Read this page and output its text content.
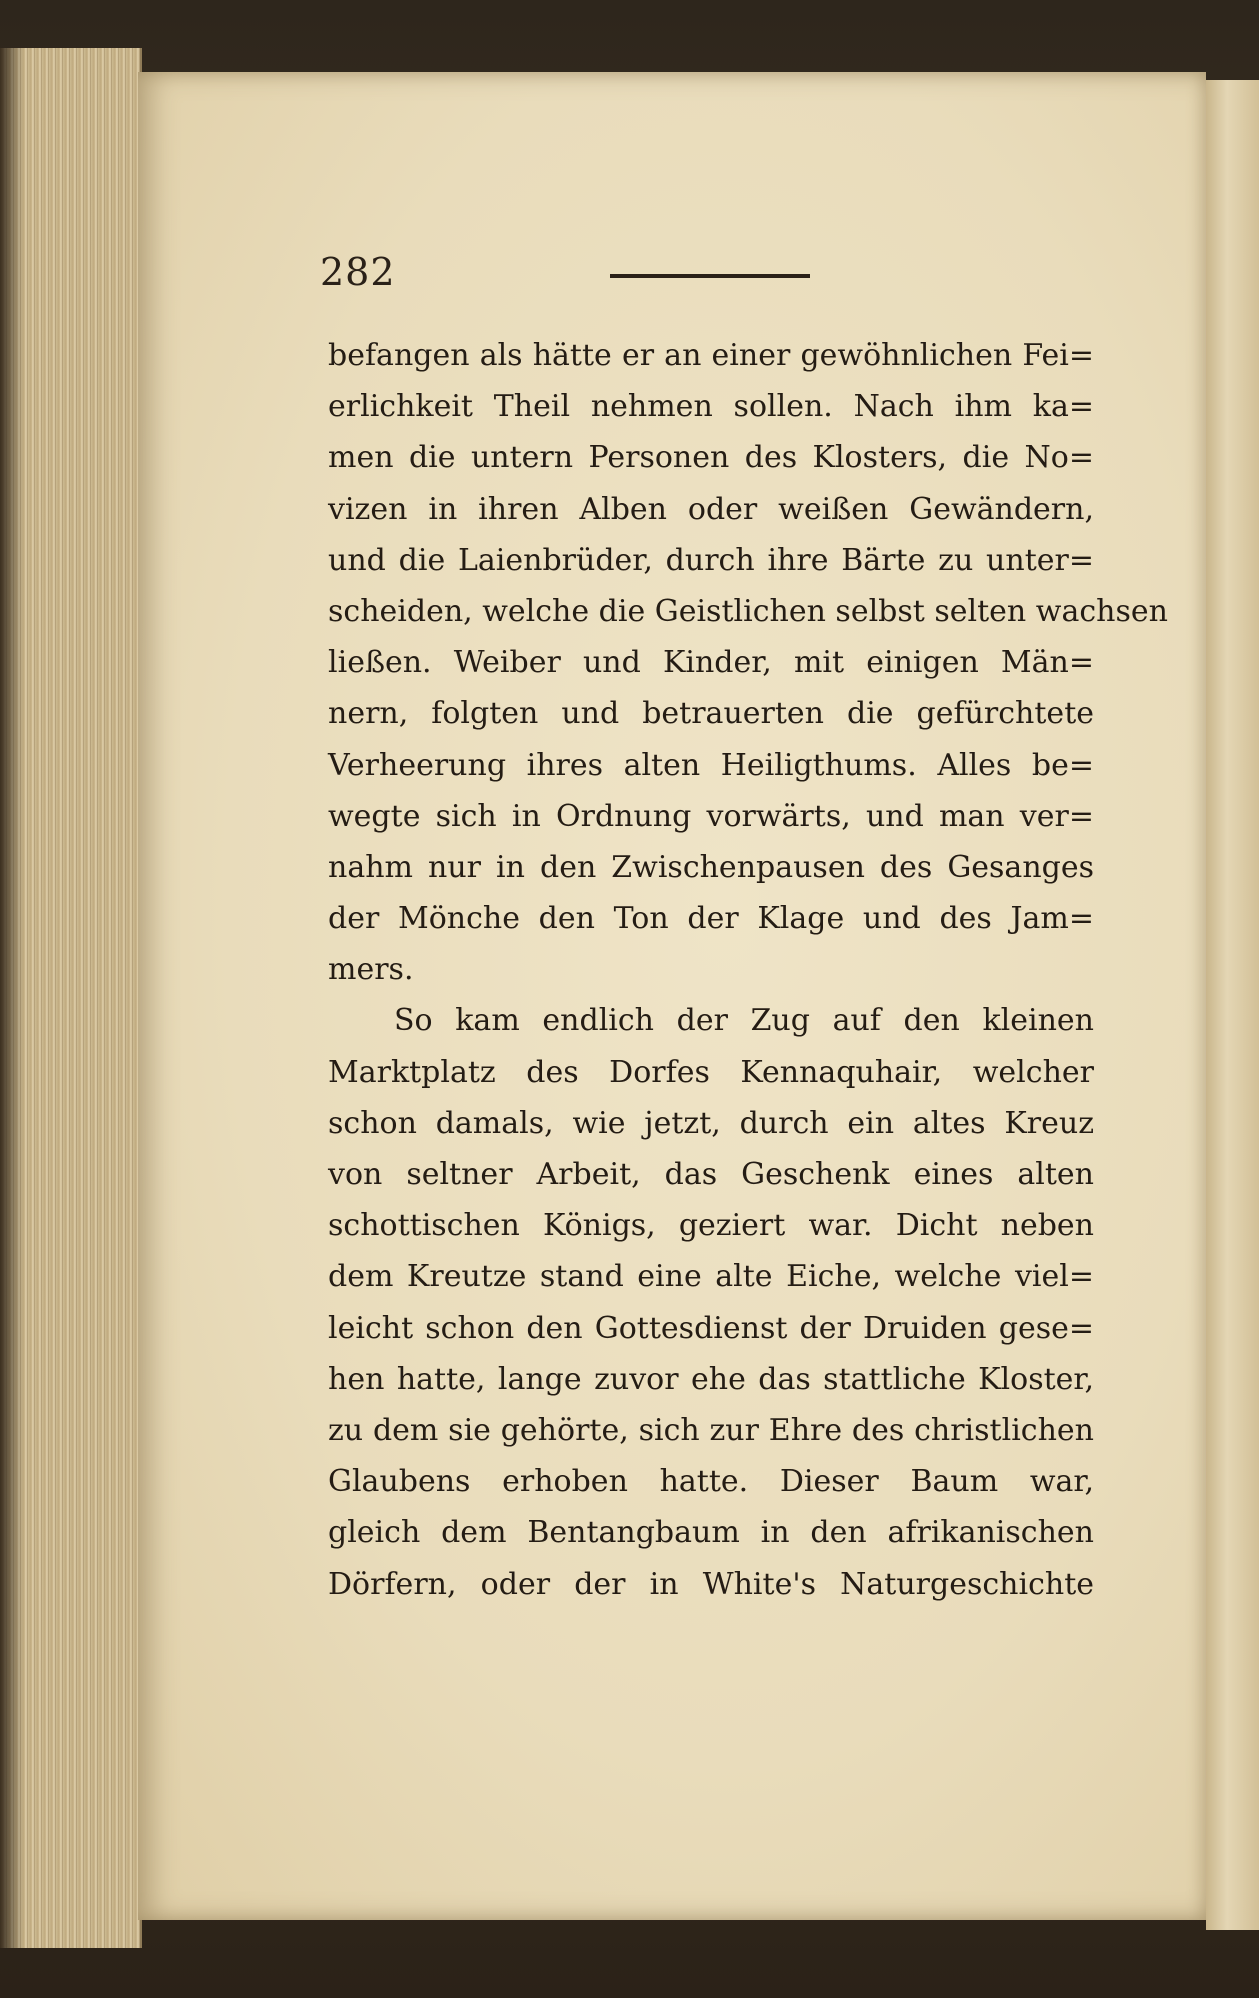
282
befangen als hätte er an einer gewöhnlichen Fei=
erlichkeit Theil nehmen sollen. Nach ihm ka=
men die untern Personen des Klosters, die No=
vizen in ihren Alben oder weißen Gewändern,
und die Laienbrüder, durch ihre Bärte zu unter=
scheiden, welche die Geistlichen selbst selten wachsen
ließen. Weiber und Kinder, mit einigen Män=
nern, folgten und betrauerten die gefürchtete
Verheerung ihres alten Heiligthums. Alles be=
wegte sich in Ordnung vorwärts, und man ver=
nahm nur in den Zwischenpausen des Gesanges
der Mönche den Ton der Klage und des Jam=
mers.
So kam endlich der Zug auf den kleinen
Marktplatz des Dorfes Kennaquhair, welcher
schon damals, wie jetzt, durch ein altes Kreuz
von seltner Arbeit, das Geschenk eines alten
schottischen Königs, geziert war. Dicht neben
dem Kreutze stand eine alte Eiche, welche viel=
leicht schon den Gottesdienst der Druiden gese=
hen hatte, lange zuvor ehe das stattliche Kloster,
zu dem sie gehörte, sich zur Ehre des christlichen
Glaubens erhoben hatte. Dieser Baum war,
gleich dem Bentangbaum in den afrikanischen
Dörfern, oder der in White's Naturgeschichte
